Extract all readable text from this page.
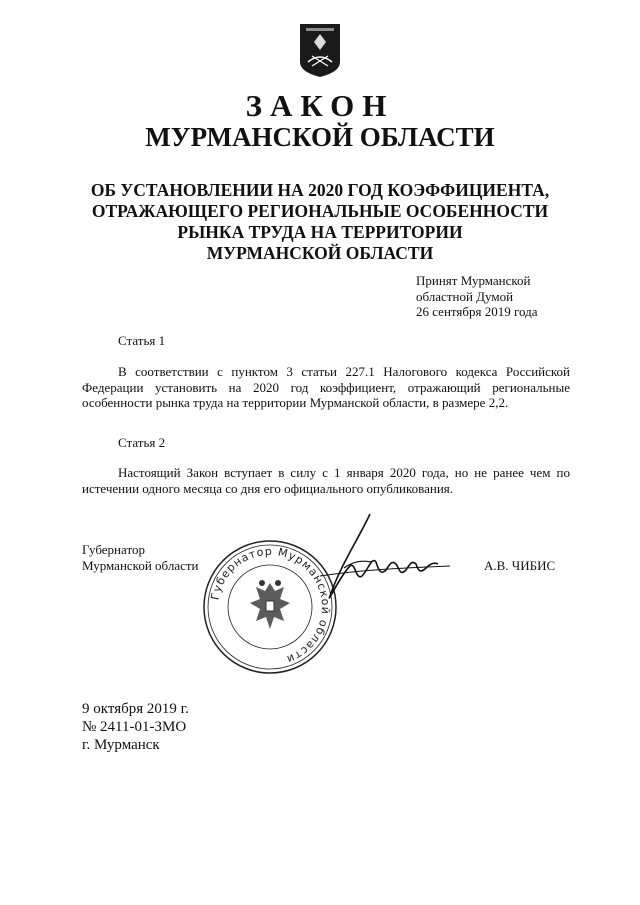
ЗАКОН
МУРМАНСКОЙ ОБЛАСТИ
ОБ УСТАНОВЛЕНИИ НА 2020 ГОД КОЭФФИЦИЕНТА,
ОТРАЖАЮЩЕГО РЕГИОНАЛЬНЫЕ ОСОБЕННОСТИ
РЫНКА ТРУДА НА ТЕРРИТОРИИ
МУРМАНСКОЙ ОБЛАСТИ
Принят Мурманской
областной Думой
26 сентября 2019 года
Статья 1
В соответствии с пунктом 3 статьи 227.1 Налогового кодекса Российской Федерации установить на 2020 год коэффициент, отражающий региональные особенности рынка труда на территории Мурманской области, в размере 2,2.
Статья 2
Настоящий Закон вступает в силу с 1 января 2020 года, но не ранее чем по истечении одного месяца со дня его официального опубликования.
Губернатор
Мурманской области	А.В. ЧИБИС
Губернатор Мурманской области
9 октября 2019 г.
№ 2411-01-ЗМО
г. Мурманск
